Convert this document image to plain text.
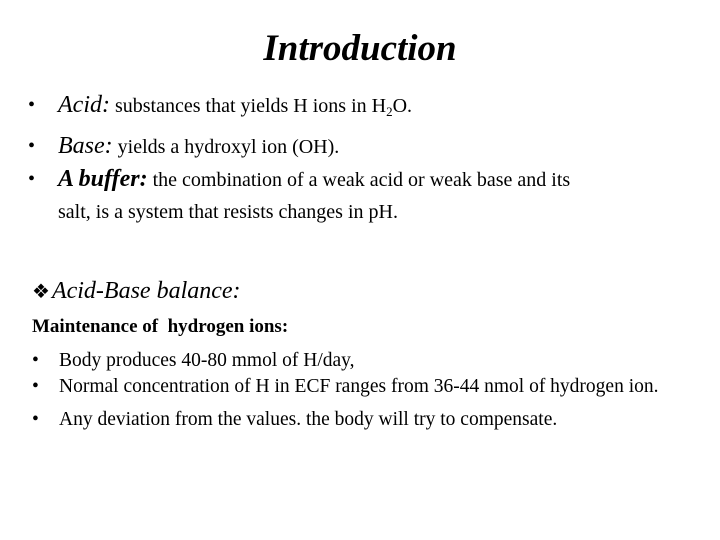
Introduction
• Acid: substances that yields H ions in $H_2O$.
• Base: yields a hydroxyl ion (OH).
• A buffer: the combination of a weak acid or weak base and its
salt, is a system that resists changes in pH.
❖Acid-Base balance:
Maintenance of  hydrogen ions:
• Body produces 40-80 mmol of H/day,
• Normal concentration of H in ECF ranges from 36-44 nmol of hydrogen ion.
• Any deviation from the values. the body will try to compensate.
